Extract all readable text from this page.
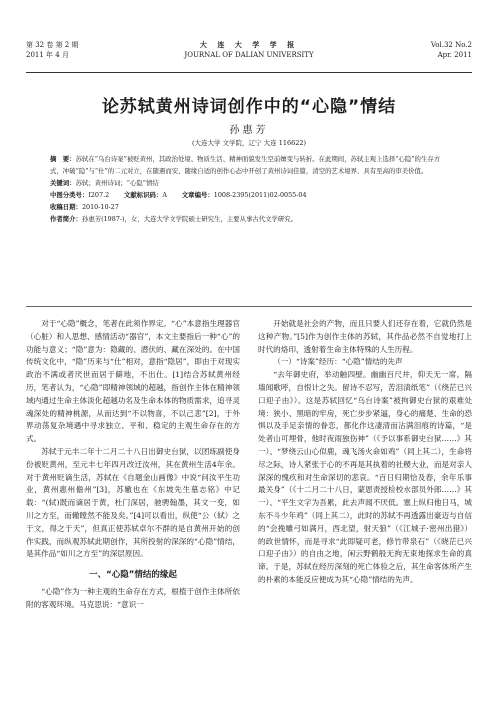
第 32 卷 第 2 期
2011 年 4 月
大 连 大 学 学 报
JOURNAL OF DALIAN UNIVERSITY
Vol.32 No.2
Apr. 2011
论苏轼黄州诗词创作中的“心隐”情结
孙惠芳
(大连大学 文学院，辽宁 大连 116622)
摘　要：苏轼在“乌台诗案”被贬黄州，其政治处境、物质生活、精神面貌发生空前嬗变与转折。在此期间，苏轼主观上选择“心隐”的生存方式，冲破“隐”与“仕”的二元对立，在随遇而安、随缘自适的创作心态中开创了黄州诗词佳篇，清空的艺术境界、具有至高的审美价值。
关键词：苏轼；黄州诗词；“心隐”情结
中图分类号：I207.2    文献标识码：A    文章编号：1008-2395(2011)02-0055-04
收稿日期：2010-10-27
作者简介：孙惠芳(1987-)，女，大连大学文学院硕士研究生，主要从事古代文学研究。

对于“心隐”概念，笔者在此须作界定。“心”本意指生理器官（心脏）和人思想、感情活动“器官”，本文主要指后一种“心”的功能与意义；“隐”意为：隐藏的、潜伏的、藏在深处的。在中国传统文化中，“隐”历来与“仕”相对，意指“隐居”，即由于对现实政治不满或者厌世而居于僻地，不出仕。[1]结合苏轼黄州经历，笔者认为，“心隐”即精神领域的超越，指创作主体在精神领域内通过生命主体淡化超越功名及生命本体的物质需求，追寻灵魂深处的精神桃源，从而达到“不以物喜，不以己悲”[2]，于外界动荡复杂境遇中寻求独立、平和、稳定的主观生命存在的方式。

苏轼于元丰二年十二月二十八日出御史台狱，以团练副使身份被贬黄州，至元丰七年四月改迁汝州，其在黄州生活4年余。对于黄州贬谪生活，苏轼在《自题金山画像》中说“问汝平生功业，黄州惠州儋州”[3]，苏辙也在《东坡先生墓志铭》中记载：“(轼)既而谪居于黄，杜门深居，驰骋翰墨，其文一变，如川之方至，而辙瞠然不能及矣。”[4]可以看出，纵使“公（轼）之于文，得之于天”，但真正使苏轼卓尔不群的是自黄州开始的创作实践，而纵观苏轼此期创作，其所投射的深深的“心隐”情结，是其作品“如川之方至”的深层原因。

一、“心隐”情结的缘起

“心隐”作为一种主观的生命存在方式，根植于创作主体所依附的客观环境。马克思说：“意识一

开始就是社会的产物，而且只要人们还存在着，它就仍然是这种产物。”[5]作为创作主体的苏轼，其作品必然不自觉地打上时代的烙印，透射着生命主体特殊的人生历程。

（一）“诗案”经历：“心隐”情结的先声

“去年御史府，举动触四壁。幽幽百尺井，仰天无一席。隔墙闻歌呼，自恨计之失。留诗不忍写，苦泪渍纸笔”（《绕茫已兴口迎子由》）。这是苏轼回忆“乌台诗案”被拘御史台狱的艰难处境：狭小、黑暗的牢房，死亡步步紧逼，身心的痛楚、生命的恐惧以及手足亲情的眷恋，都化作这凄清而沾满泪痕的诗篇，“是处者山可埋骨，他时夜雨独伤神”（《予以事系御史台狱……》其一）、“梦绕云山心似鹿，魂飞汤火命如鸡”（同上其二），生命将尽之际，诗人紧张于心的不再是其执着的社稷大业，而是对亲人深深的愧疚和对生命深切的悲哀。“百日归期恰及春，余年乐事最关身”（《十二月二十八日，蒙恩责授检校水部员外郎……》其一）、“平生文字为吾累，此去声闻不厌低。塞上纵归他日马，城东不斗少年鸡”（同上其二），此时的苏轼不再透露出豪迈与自信的“会挽雕弓如满月，西北望，射天狼”（《江城子·密州出猎》）的政世情怀，而是寻求“此即疑可老，修竹带泉石”（《晓茫已兴口迎子由》）的自由之地，闲云野鹤般无拘无束地探求生命的真谛。于是，苏轼在经历深刻的死亡体验之后，其生命客体所产生的朴素的本能反应便成为其“心隐”情结的先声。
